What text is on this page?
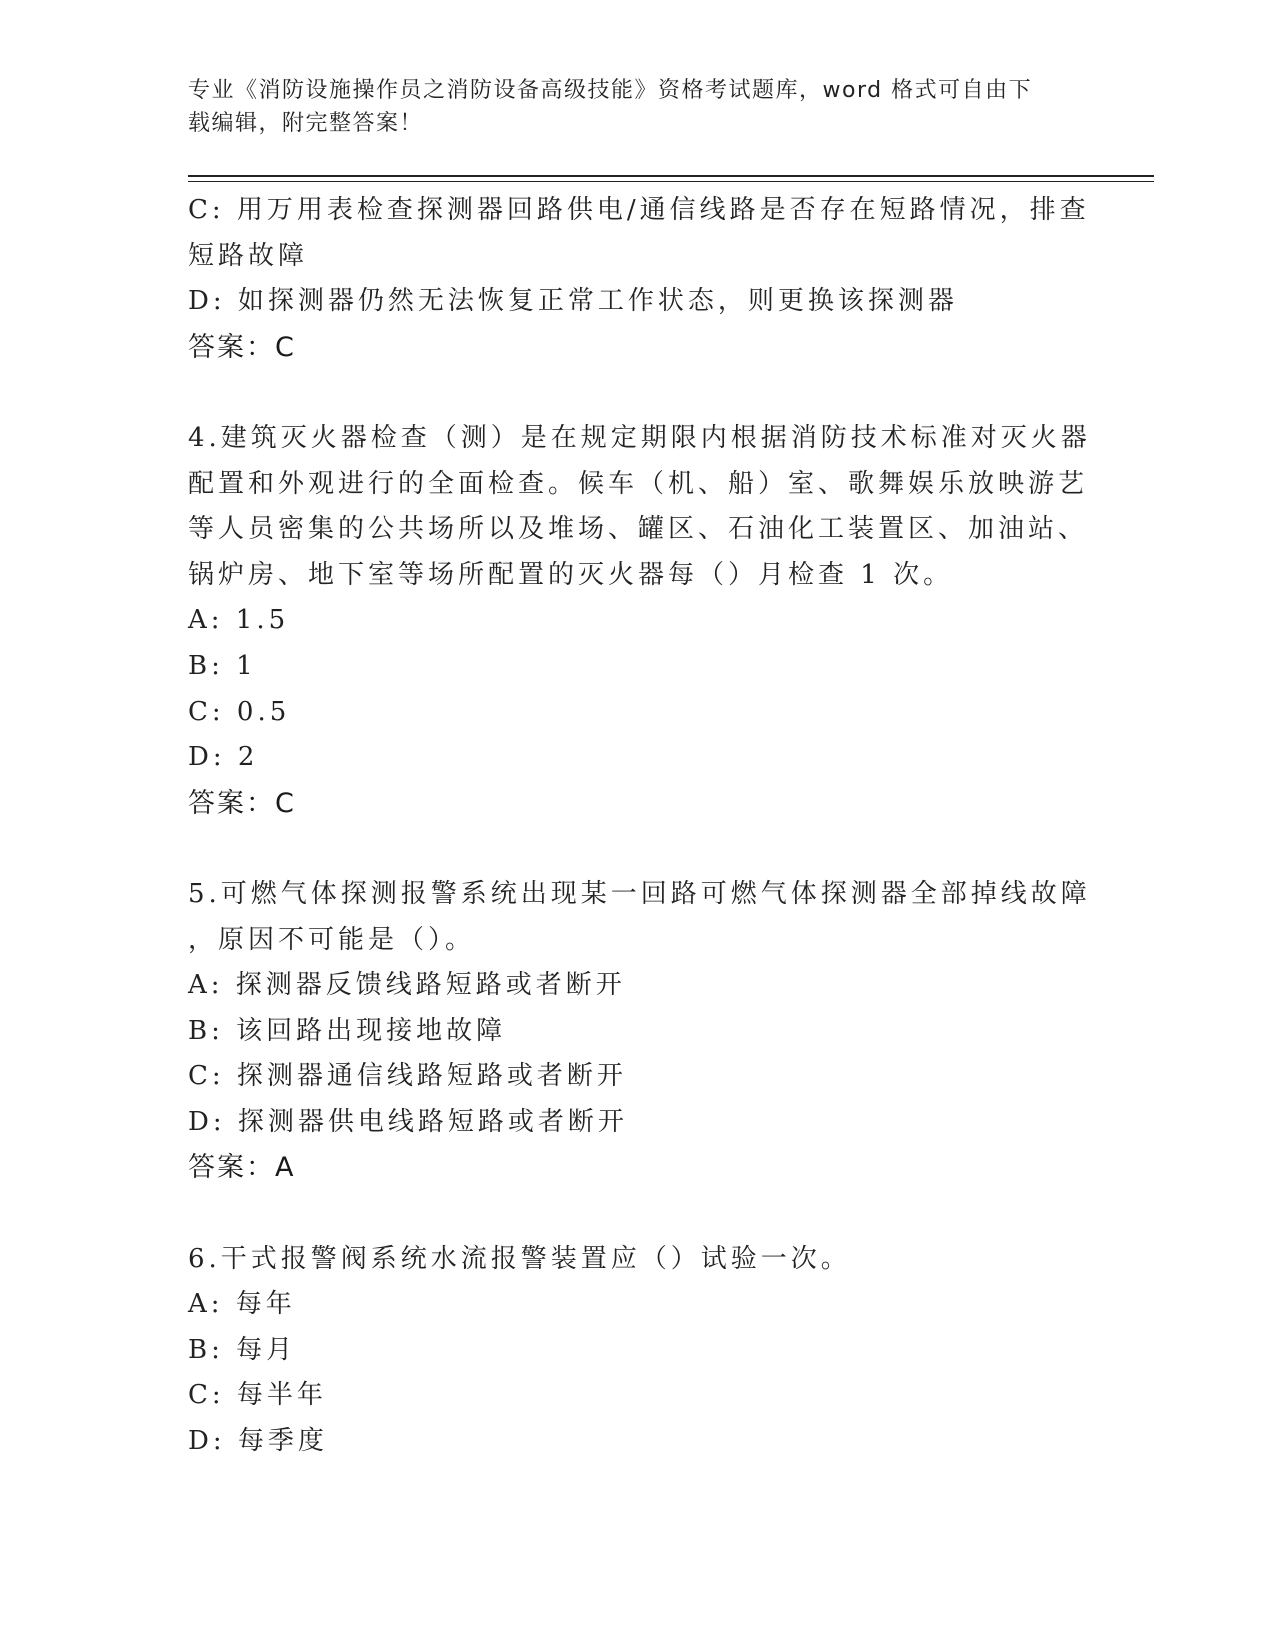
专业《消防设施操作员之消防设备高级技能》资格考试题库，word 格式可自由下
载编辑，附完整答案！
C: 用万用表检查探测器回路供电/通信线路是否存在短路情况，排查
短路故障
D: 如探测器仍然无法恢复正常工作状态，则更换该探测器
答案：C
4.建筑灭火器检查（测）是在规定期限内根据消防技术标准对灭火器
配置和外观进行的全面检查。候车（机、船）室、歌舞娱乐放映游艺
等人员密集的公共场所以及堆场、罐区、石油化工装置区、加油站、
锅炉房、地下室等场所配置的灭火器每（）月检查 1 次。
A: 1.5
B: 1
C: 0.5
D: 2
答案：C
5.可燃气体探测报警系统出现某一回路可燃气体探测器全部掉线故障
，原因不可能是（）。
A: 探测器反馈线路短路或者断开
B: 该回路出现接地故障
C: 探测器通信线路短路或者断开
D: 探测器供电线路短路或者断开
答案：A
6.干式报警阀系统水流报警装置应（）试验一次。
A: 每年
B: 每月
C: 每半年
D: 每季度
